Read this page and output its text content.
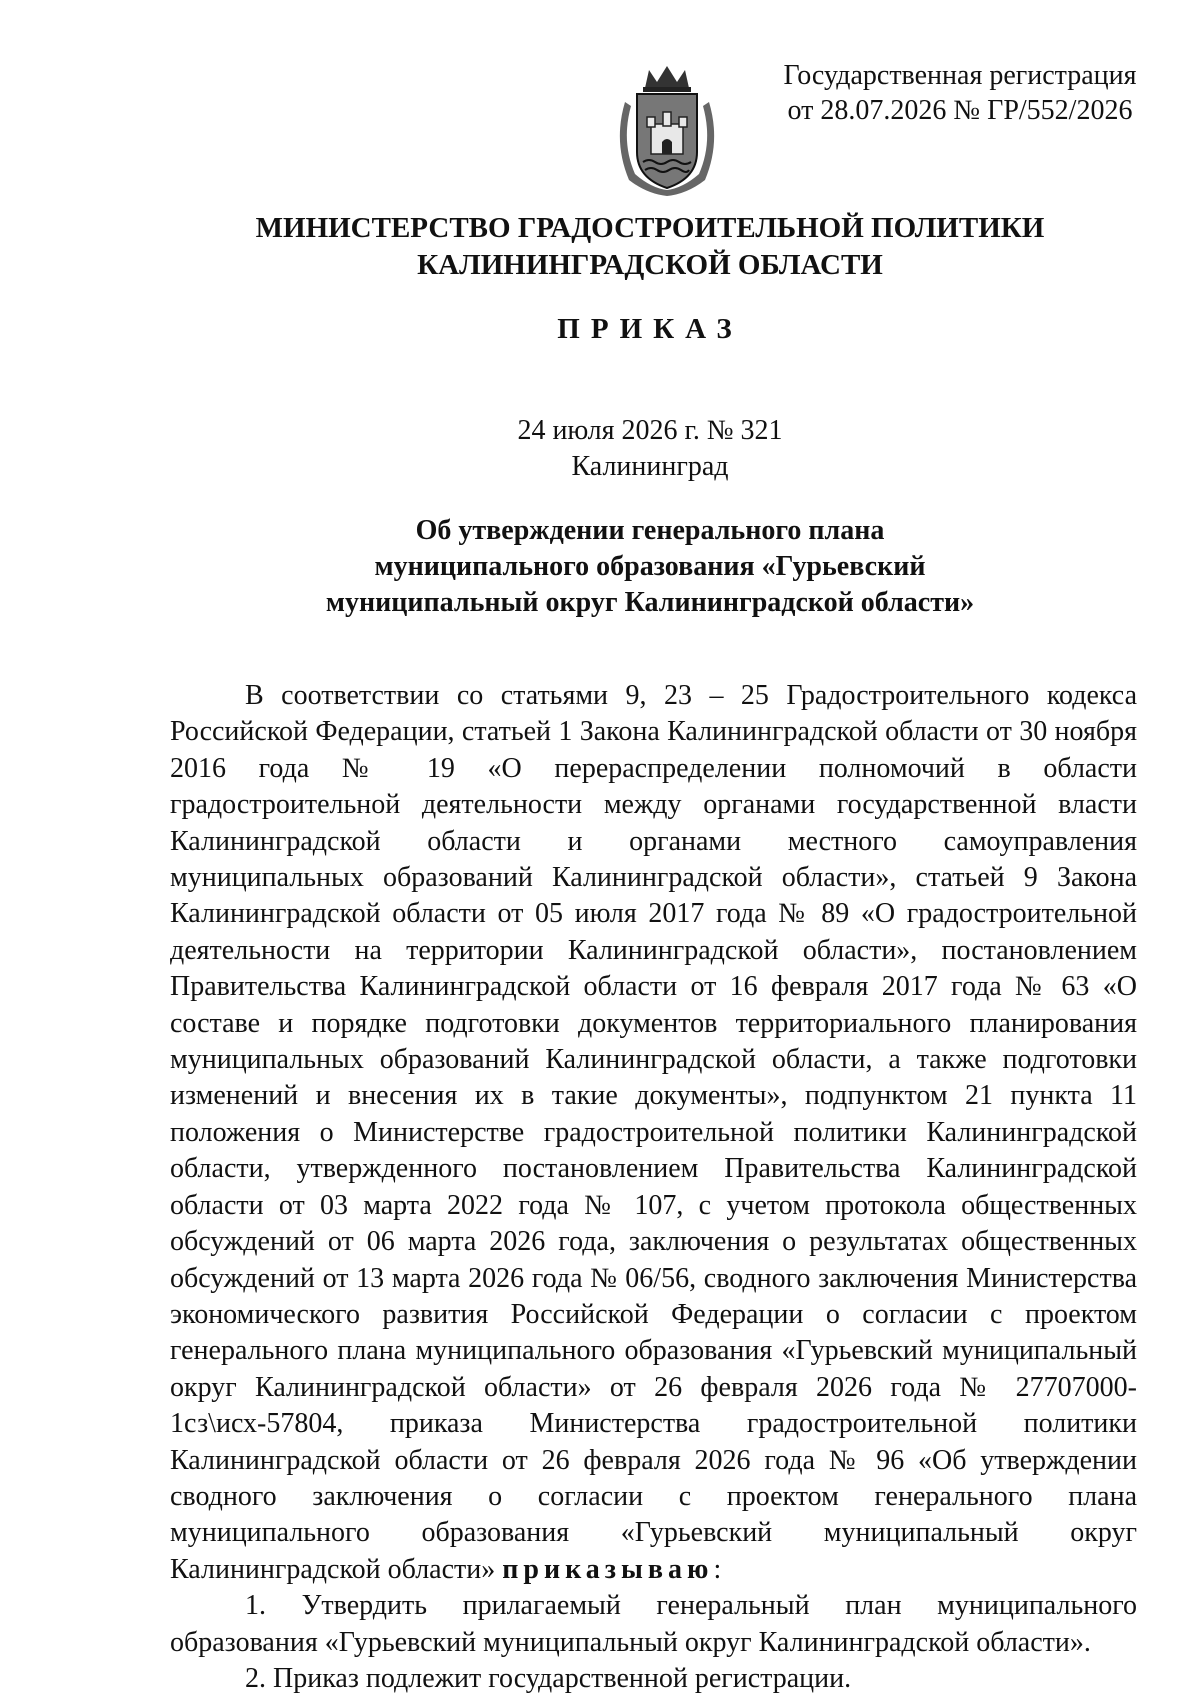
Государственная регистрация
от 28.07.2026 № ГР/552/2026
МИНИСТЕРСТВО ГРАДОСТРОИТЕЛЬНОЙ ПОЛИТИКИ
КАЛИНИНГРАДСКОЙ ОБЛАСТИ
ПРИКАЗ
24 июля 2026 г. № 321
Калининград
Об утверждении генерального плана
муниципального образования «Гурьевский
муниципальный округ Калининградской области»

В соответствии со статьями 9, 23 – 25 Градостроительного кодекса Российской Федерации, статьей 1 Закона Калининградской области от 30 ноября 2016 года № 19 «О перераспределении полномочий в области градостроительной деятельности между органами государственной власти Калининградской области и органами местного самоуправления муниципальных образований Калининградской области», статьей 9 Закона Калининградской области от 05 июля 2017 года № 89 «О градостроительной деятельности на территории Калининградской области», постановлением Правительства Калининградской области от 16 февраля 2017 года № 63 «О составе и порядке подготовки документов территориального планирования муниципальных образований Калининградской области, а также подготовки изменений и внесения их в такие документы», подпунктом 21 пункта 11 положения о Министерстве градостроительной политики Калининградской области, утвержденного постановлением Правительства Калининградской области от 03 марта 2022 года № 107, с учетом протокола общественных обсуждений от 06 марта 2026 года, заключения о результатах общественных обсуждений от 13 марта 2026 года № 06/56, сводного заключения Министерства экономического развития Российской Федерации о согласии с проектом генерального плана муниципального образования «Гурьевский муниципальный округ Калининградской области» от 26 февраля 2026 года № 27707000-1сз\исх-57804, приказа Министерства градостроительной политики Калининградской области от 26 февраля 2026 года № 96 «Об утверждении сводного заключения о согласии с проектом генерального плана муниципального образования «Гурьевский муниципальный округ Калининградской области» приказываю:

1. Утвердить прилагаемый генеральный план муниципального образования «Гурьевский муниципальный округ Калининградской области».

2. Приказ подлежит государственной регистрации.
